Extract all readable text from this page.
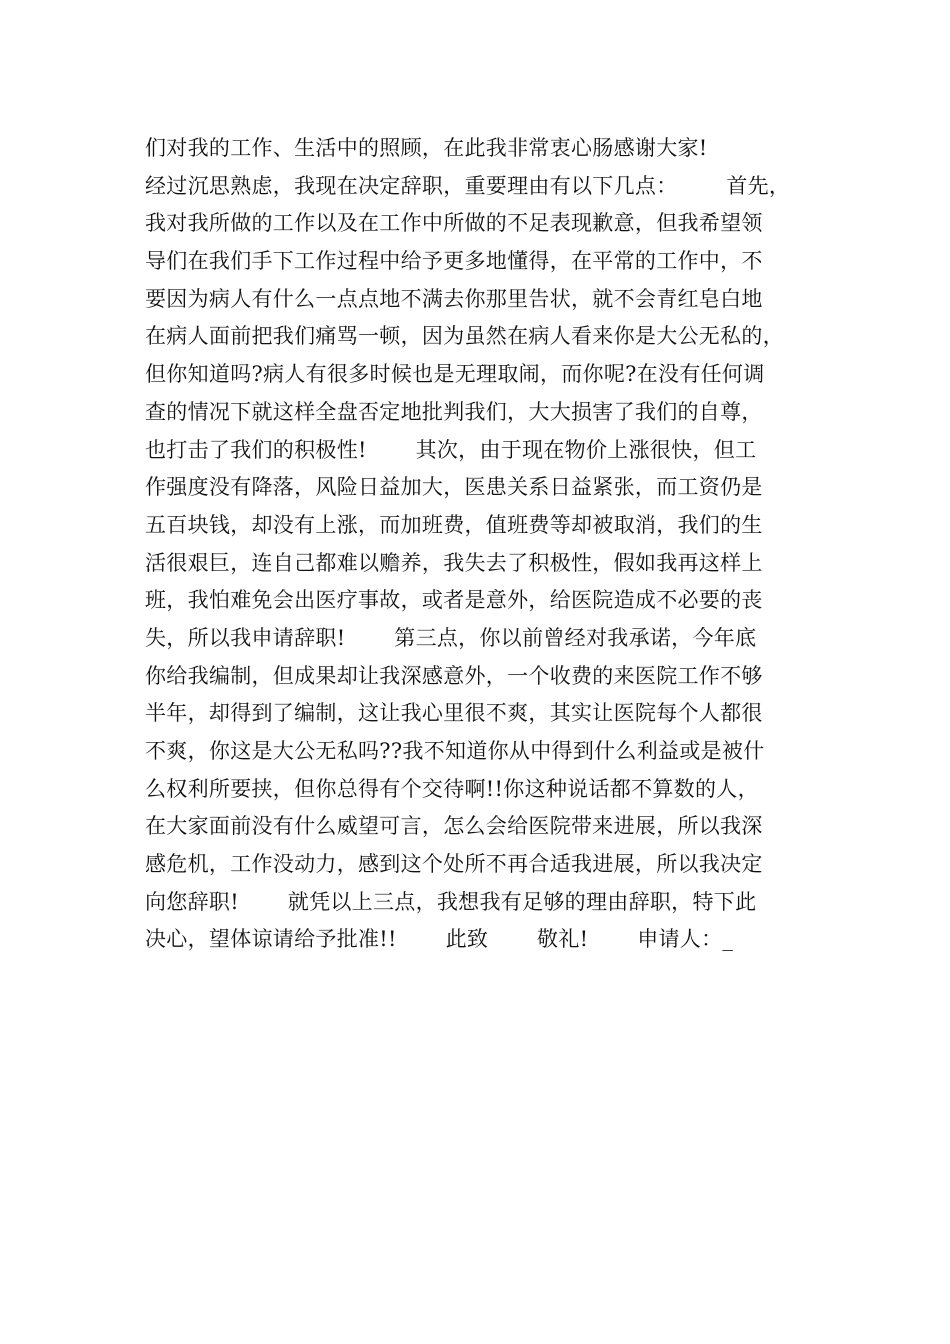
们对我的工作、生活中的照顾，在此我非常衷心肠感谢大家!
经过沉思熟虑，我现在决定辞职，重要理由有以下几点：       首先，
我对我所做的工作以及在工作中所做的不足表现歉意，但我希望领
导们在我们手下工作过程中给予更多地懂得，在平常的工作中，不
要因为病人有什么一点点地不满去你那里告状，就不会青红皂白地
在病人面前把我们痛骂一顿，因为虽然在病人看来你是大公无私的，
但你知道吗?病人有很多时候也是无理取闹，而你呢?在没有任何调
查的情况下就这样全盘否定地批判我们，大大损害了我们的自尊，
也打击了我们的积极性!       其次，由于现在物价上涨很快，但工
作强度没有降落，风险日益加大，医患关系日益紧张，而工资仍是
五百块钱，却没有上涨，而加班费，值班费等却被取消，我们的生
活很艰巨，连自己都难以赡养，我失去了积极性，假如我再这样上
班，我怕难免会出医疗事故，或者是意外，给医院造成不必要的丧
失，所以我申请辞职!       第三点，你以前曾经对我承诺，今年底
你给我编制，但成果却让我深感意外，一个收费的来医院工作不够
半年，却得到了编制，这让我心里很不爽，其实让医院每个人都很
不爽，你这是大公无私吗??我不知道你从中得到什么利益或是被什
么权利所要挟，但你总得有个交待啊!!你这种说话都不算数的人，
在大家面前没有什么威望可言，怎么会给医院带来进展，所以我深
感危机，工作没动力，感到这个处所不再合适我进展，所以我决定
向您辞职!       就凭以上三点，我想我有足够的理由辞职，特下此
决心，望体谅请给予批准!!       此致       敬礼!       申请人：_
